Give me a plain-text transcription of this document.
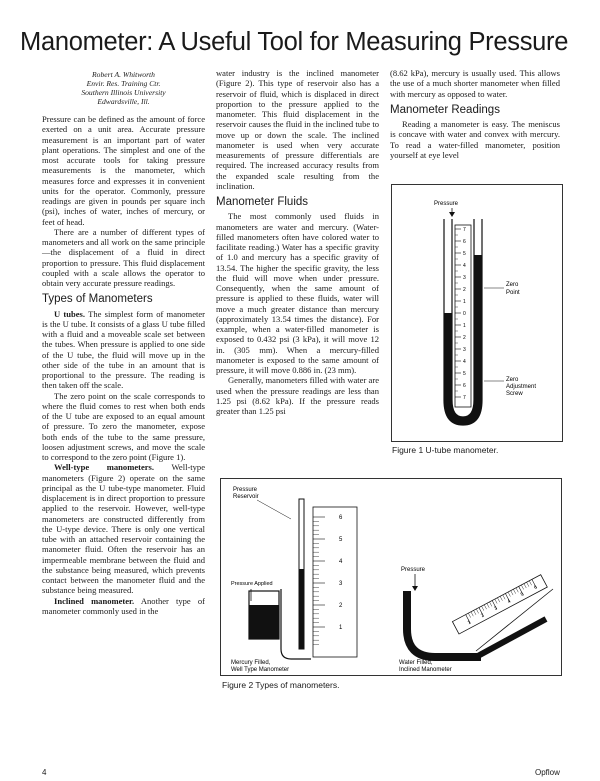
Manometer: A Useful Tool for Measuring Pressure
Robert A. Whitworth
Envir. Res. Training Ctr.
Southern Illinois University
Edwardsville, Ill.

Pressure can be defined as the amount of force exerted on a unit area. Accurate pressure measurement is an important part of water plant operations. The simplest and one of the most accurate tools for taking pressure measurements is the manometer, which measures force and expresses it in convenient units for the operator. Commonly, pressure readings are given in pounds per square inch (psi), inches of water, inches of mercury, or feet of head.

There are a number of different types of manometers and all work on the same principle—the displacement of a fluid in direct proportion to pressure. This fluid displacement coupled with a scale allows the operator to obtain very accurate pressure readings.

Types of Manometers

U tubes. The simplest form of manometer is the U tube. It consists of a glass U tube filled with a fluid and a moveable scale set between the tubes. When pressure is applied to one side of the U tube, the fluid will move up in the other side of the tube in an amount that is proportional to the pressure. The reading is then taken off the scale.

The zero point on the scale corresponds to where the fluid comes to rest when both ends of the U tube are exposed to an equal amount of pressure. To zero the manometer, expose both ends of the tube to the same pressure, loosen adjustment screws, and move the scale to correspond to the zero point (Figure 1).

Well-type manometers. Well-type manometers (Figure 2) operate on the same principal as the U tube-type manometer. Fluid displacement is in direct proportion to pressure applied to the reservoir. However, well-type manometers are constructed differently from the U-type device. There is only one vertical tube with an attached reservoir containing the manometer fluid. Often the reservoir has an impermeable membrane between the fluid and the substance being measured, which prevents contact between the manometer fluid and the substance being measured.

Inclined manometer. Another type of manometer commonly used in the

water industry is the inclined manometer (Figure 2). This type of reservoir also has a reservoir of fluid, which is displaced in direct proportion to the pressure applied to the manometer. This fluid displacement in the reservoir causes the fluid in the inclined tube to move up or down the scale. The inclined manometer is used when very accurate measurements of pressure differentials are required. The increased accuracy results from the expanded scale resulting from the inclination.

Manometer Fluids

The most commonly used fluids in manometers are water and mercury. (Water-filled manometers often have colored water to facilitate reading.) Water has a specific gravity of 1.0 and mercury has a specific gravity of 13.54. The higher the specific gravity, the less the fluid will move when under pressure. Consequently, when the same amount of pressure is applied to these fluids, water will move a much greater distance than mercury (approximately 13.54 times the distance). For example, when a water-filled manometer is exposed to 0.432 psi (3 kPa), it will move 12 in. (305 mm). When a mercury-filled manometer is exposed to the same amount of pressure, it will move 0.886 in. (23 mm).

Generally, manometers filled with water are used when the pressure readings are less than 1.25 psi (8.62 kPa). If the pressure reads greater than 1.25 psi

(8.62 kPa), mercury is usually used. This allows the use of a much shorter manometer when filled with mercury as opposed to water.

Manometer Readings

Reading a manometer is easy. The meniscus is concave with water and convex with mercury. To read a water-filled manometer, position yourself at eye level

Pressure
7
6
5
4
3
2
1
0
1
2
3
4
5
6
7
Zero
Point
Zero
Adjustment
Screw
Figure 1 U-tube manometer.
Pressure
Reservoir
6
5
4
3
2
1
Pressure Applied
Mercury Filled,
Well Type Manometer
Pressure
6
5
4
3
2
1
Water Filled,
Inclined Manometer
Figure 2 Types of manometers.
4	Opflow
